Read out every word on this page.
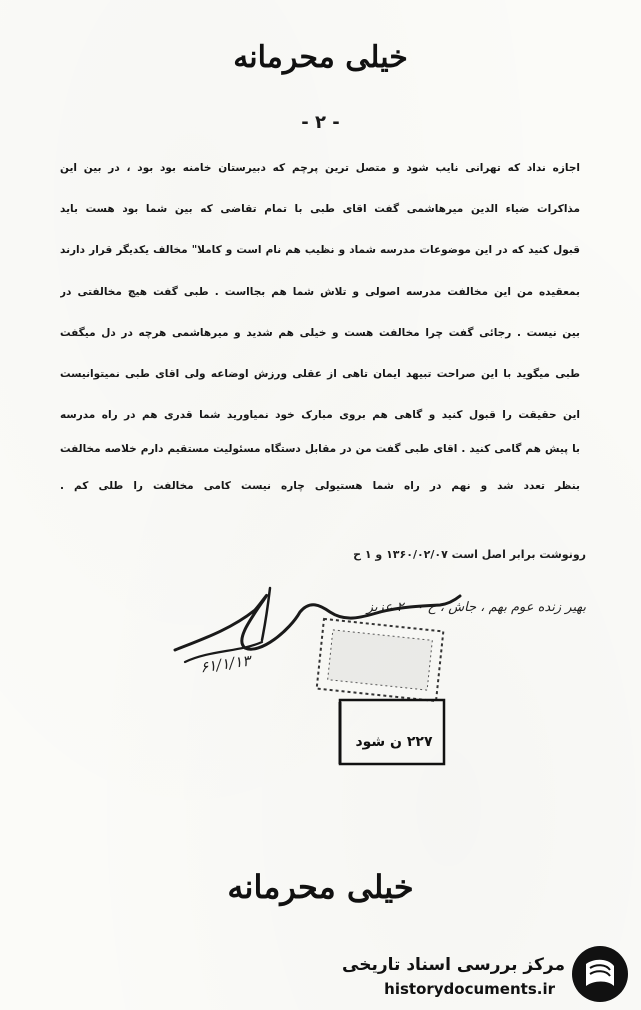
خیلی محرمانه
- ۲ -
اجازه نداد که تهرانی نایب شود و متصل ترین پرچم که دبیرستان خامنه بود بود ، در بین این
مذاکرات ضیاء الدین میرهاشمی گفت اقای طبی با تمام تقاضی که بین شما بود هست باید
قبول کنید که در این موضوعات مدرسه شماد و نظیب هم نام است و کاملا" مخالف یکدیگر قرار دارند
بمعقیده من این مخالفت مدرسه اصولی و تلاش شما هم بجااست . طبی گفت هیچ مخالفتی در
بین نیست . رجائی گفت چرا مخالفت هست و خیلی هم شدید و میرهاشمی هرچه در دل میگفت
طبی میگوید با این صراحت تبیهد ایمان تاهی از عقلی ورزش اوضاعه ولی اقای طبی نمیتوانیست
این حقیقت را قبول کنید و گاهی هم بروی مبارک خود نمیاورید شما قدری هم در راه مدرسه
با پیش هم گامی کنید . اقای طبی گفت من در مقابل دستگاه مسئولیت مستقیم دارم خلاصه مخالفت
بنظر تعدد شد و نهم در راه شما هستیولی چاره نیست کامی مخالفت را طلی کم .
رونوشت برابر اصل است ۱۳۶۰/۰۲/۰۷ و ۱ ح
بهیر زنده عوم بهم ، جاش ، ح ۰ - ۲ عزیز
۶۱/۱/۱۳
۲۲۷ ن شود
خیلی محرمانه
مرکز بررسی اسناد تاریخی
historydocuments.ir
